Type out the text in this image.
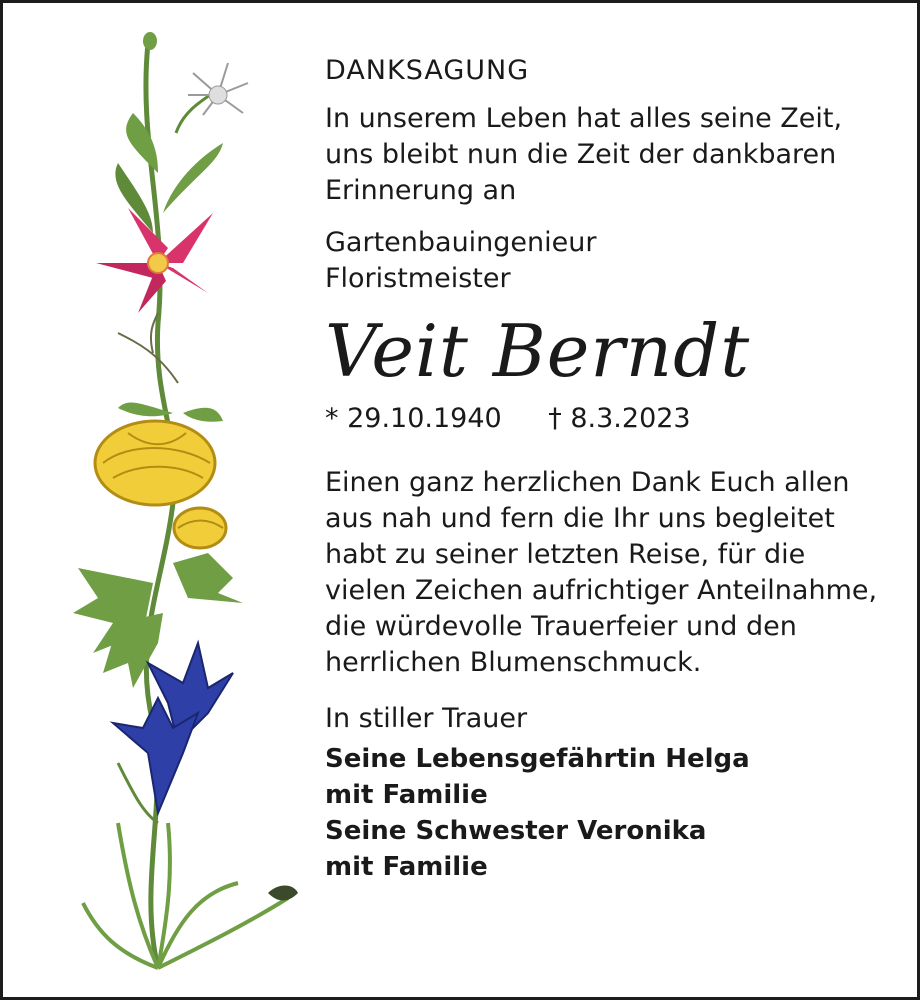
DANKSAGUNG
In unserem Leben hat alles seine Zeit,
uns bleibt nun die Zeit der dankbaren
Erinnerung an
Gartenbauingenieur
Floristmeister
Veit Berndt
* 29.10.1940 † 8.3.2023
Einen ganz herzlichen Dank Euch allen
aus nah und fern die Ihr uns begleitet
habt zu seiner letzten Reise, für die
vielen Zeichen aufrichtiger Anteilnahme,
die würdevolle Trauerfeier und den
herrlichen Blumenschmuck.
In stiller Trauer
Seine Lebensgefährtin Helga
mit Familie
Seine Schwester Veronika
mit Familie
